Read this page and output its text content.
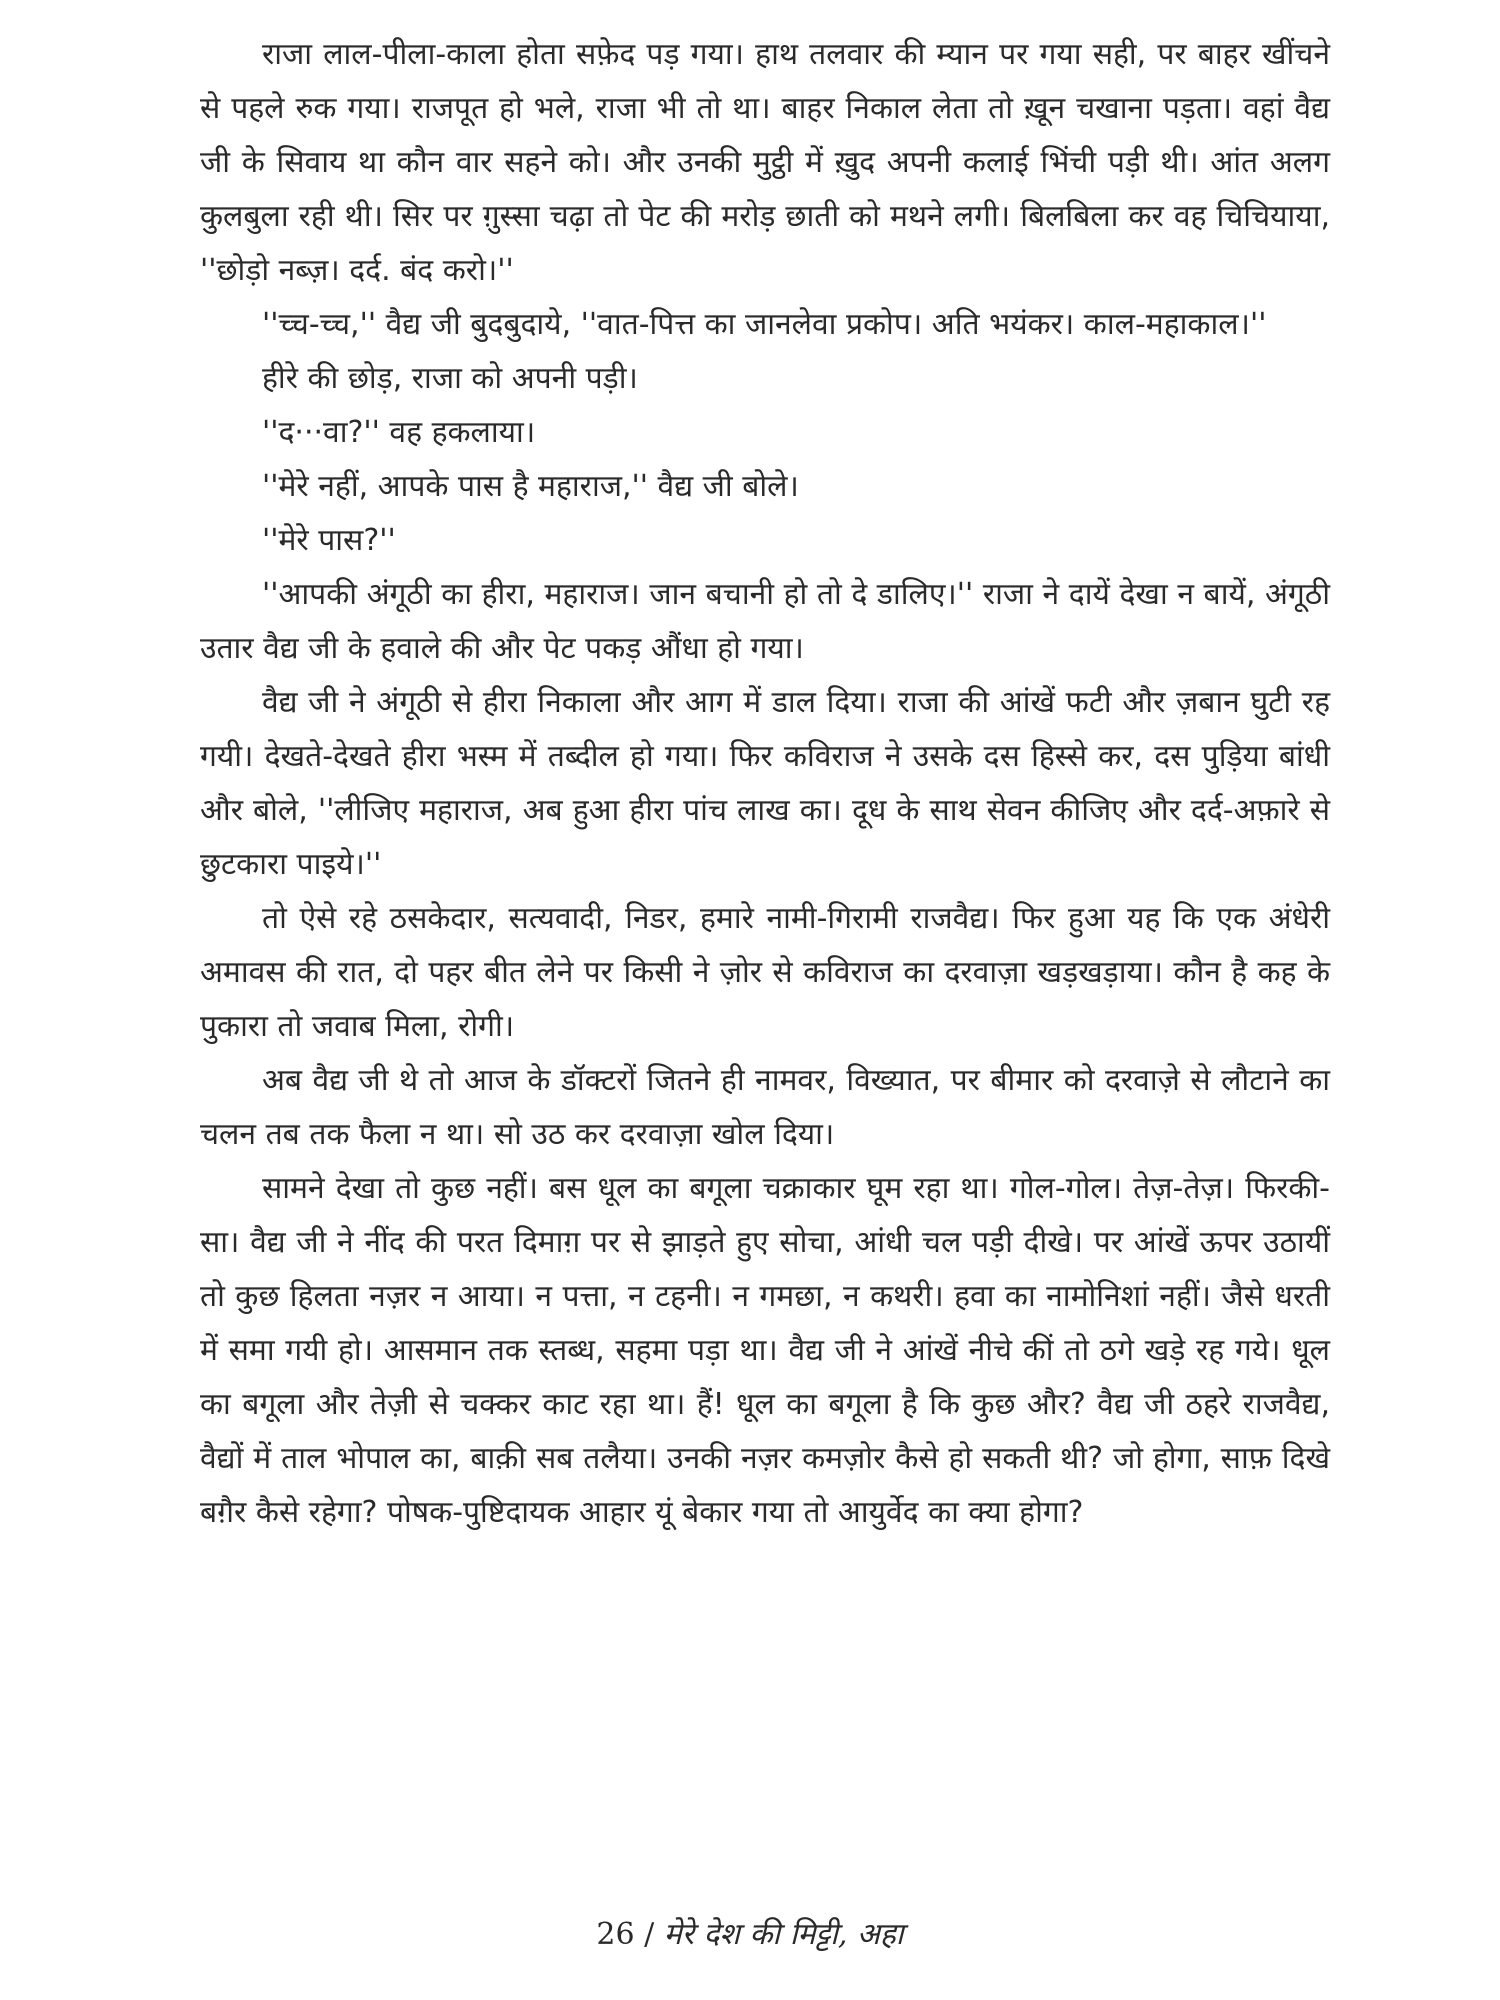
राजा लाल-पीला-काला होता सफ़ेद पड़ गया। हाथ तलवार की म्यान पर गया सही, पर बाहर खींचने से पहले रुक गया। राजपूत हो भले, राजा भी तो था। बाहर निकाल लेता तो ख़ून चखाना पड़ता। वहां वैद्य जी के सिवाय था कौन वार सहने को। और उनकी मुट्ठी में ख़ुद अपनी कलाई भिंची पड़ी थी। आंत अलग कुलबुला रही थी। सिर पर ग़ुस्सा चढ़ा तो पेट की मरोड़ छाती को मथने लगी। बिलबिला कर वह चिचियाया, ''छोड़ो नब्ज़। दर्द. बंद करो।''

''च्च-च्च,'' वैद्य जी बुदबुदाये, ''वात-पित्त का जानलेवा प्रकोप। अति भयंकर। काल-महाकाल।''

हीरे की छोड़, राजा को अपनी पड़ी।

''द···वा?'' वह हकलाया।

''मेरे नहीं, आपके पास है महाराज,'' वैद्य जी बोले।

''मेरे पास?''

''आपकी अंगूठी का हीरा, महाराज। जान बचानी हो तो दे डालिए।'' राजा ने दायें देखा न बायें, अंगूठी उतार वैद्य जी के हवाले की और पेट पकड़ औंधा हो गया।

वैद्य जी ने अंगूठी से हीरा निकाला और आग में डाल दिया। राजा की आंखें फटी और ज़बान घुटी रह गयी। देखते-देखते हीरा भस्म में तब्दील हो गया। फिर कविराज ने उसके दस हिस्से कर, दस पुड़िया बांधी और बोले, ''लीजिए महाराज, अब हुआ हीरा पांच लाख का। दूध के साथ सेवन कीजिए और दर्द-अफ़ारे से छुटकारा पाइये।''

तो ऐसे रहे ठसकेदार, सत्यवादी, निडर, हमारे नामी-गिरामी राजवैद्य। फिर हुआ यह कि एक अंधेरी अमावस की रात, दो पहर बीत लेने पर किसी ने ज़ोर से कविराज का दरवाज़ा खड़खड़ाया। कौन है कह के पुकारा तो जवाब मिला, रोगी।

अब वैद्य जी थे तो आज के डॉक्टरों जितने ही नामवर, विख्यात, पर बीमार को दरवाज़े से लौटाने का चलन तब तक फैला न था। सो उठ कर दरवाज़ा खोल दिया।

सामने देखा तो कुछ नहीं। बस धूल का बगूला चक्राकार घूम रहा था। गोल-गोल। तेज़-तेज़। फिरकी-सा। वैद्य जी ने नींद की परत दिमाग़ पर से झाड़ते हुए सोचा, आंधी चल पड़ी दीखे। पर आंखें ऊपर उठायीं तो कुछ हिलता नज़र न आया। न पत्ता, न टहनी। न गमछा, न कथरी। हवा का नामोनिशां नहीं। जैसे धरती में समा गयी हो। आसमान तक स्तब्ध, सहमा पड़ा था। वैद्य जी ने आंखें नीचे कीं तो ठगे खड़े रह गये। धूल का बगूला और तेज़ी से चक्कर काट रहा था। हैं! धूल का बगूला है कि कुछ और? वैद्य जी ठहरे राजवैद्य, वैद्यों में ताल भोपाल का, बाक़ी सब तलैया। उनकी नज़र कमज़ोर कैसे हो सकती थी? जो होगा, साफ़ दिखे बग़ैर कैसे रहेगा? पोषक-पुष्टिदायक आहार यूं बेकार गया तो आयुर्वेद का क्या होगा?

26 / मेरे देश की मिट्टी, अहा
